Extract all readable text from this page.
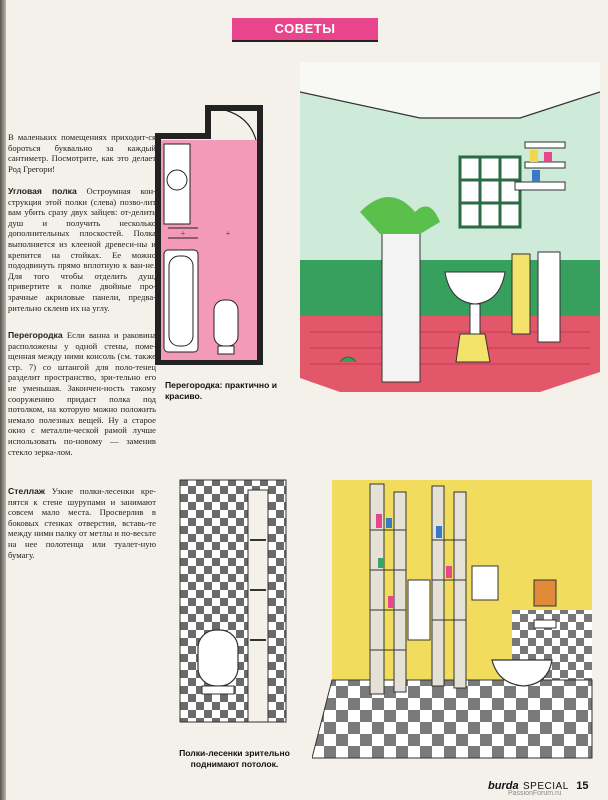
СОВЕТЫ
В маленьких помещениях приходит-ся бороться буквально за каждый сантиметр. Посмотрите, как это делает Род Грегори!
Угловая полка Остроумная кон-струкция этой полки (слева) позво-лит вам убить сразу двух зайцев: от-делить душ и получить несколько дополнительных плоскостей. Полка выполняется из клееной древеси-ны и крепится на стойках. Ее можно пододвинуть прямо вплотную к ван-не. Для того чтобы отделить душ, привертите к полке двойные про-зрачные акриловые панели, предва-рительно склеив их на углу.
Перегородка Если ванна и раковина расположены у одной стены, поме-щенная между ними консоль (см. также стр. 7) со штангой для поло-тенец разделит пространство, зри-тельно его не уменьшая. Закончен-ность такому сооружению придаст полка под потолком, на которую можно положить немало полезных вещей. Ну а старое окно с металли-ческой рамой лучше использовать по-новому — заменив стекло зерка-лом.
Стеллаж Узкие полки-лесенки кре-пятся к стене шурупами и занимают совсем мало места. Просверлив в боковых стенках отверстия, вставь-те между ними палку от метлы и по-весьте на нее полотенца или туалет-ную бумагу.
+	+
Перегородка: практично и красиво.
Полки-лесенки зрительно поднимают потолок.
burda SPECIAL 15
PassionForum.ru
